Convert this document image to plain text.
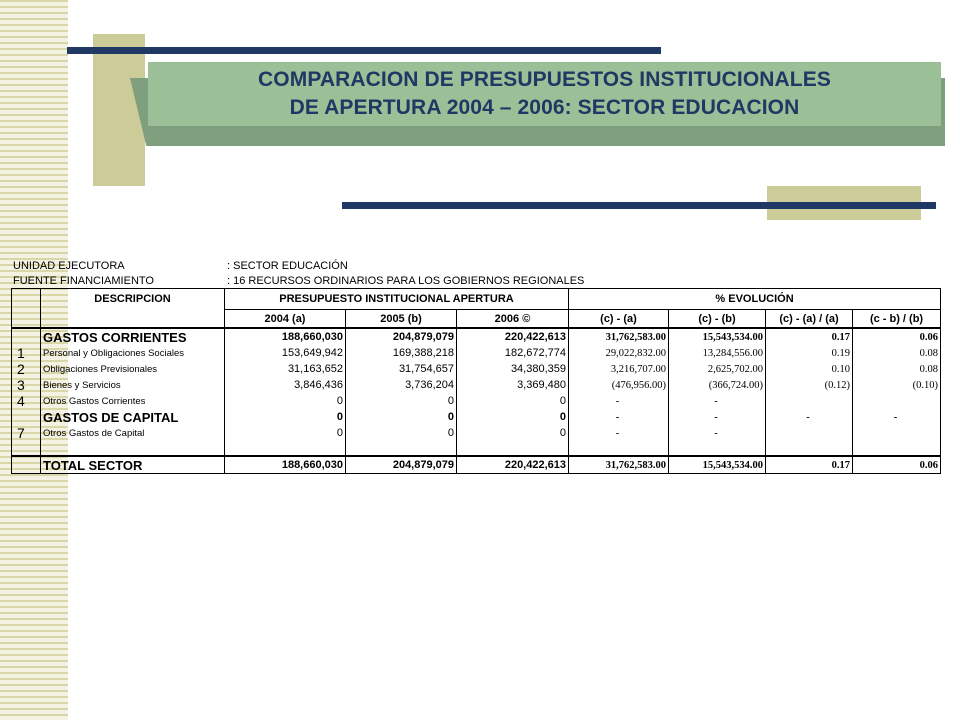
COMPARACION DE PRESUPUESTOS INSTITUCIONALES
DE APERTURA 2004 – 2006: SECTOR EDUCACION
UNIDAD EJECUTORA	: SECTOR EDUCACIÓN
FUENTE FINANCIAMIENTO	: 16 RECURSOS ORDINARIOS PARA LOS GOBIERNOS REGIONALES
	DESCRIPCION	PRESUPUESTO INSTITUCIONAL APERTURA			% EVOLUCIÓN			
		2004 (a)	2005 (b)	2006 ©				
					(c) - (a)	(c) - (b)	(c) - (a) / (a)	(c - b) / (b)
	GASTOS CORRIENTES	188,660,030	204,879,079	220,422,613	31,762,583.00	15,543,534.00	0.17	0.06
1	Personal y Obligaciones Sociales	153,649,942	169,388,218	182,672,774	29,022,832.00	13,284,556.00	0.19	0.08
2	Obligaciones Previsionales	31,163,652	31,754,657	34,380,359	3,216,707.00	2,625,702.00	0.10	0.08
3	Bienes y Servicios	3,846,436	3,736,204	3,369,480	(476,956.00)	(366,724.00)	(0.12)	(0.10)
4	Otros Gastos Corrientes	0	0	0	-	-		
	GASTOS DE CAPITAL	0	0	0	-	-	-	-
7	Otros Gastos de Capital	0	0	0	-	-		

	TOTAL SECTOR	188,660,030	204,879,079	220,422,613	31,762,583.00	15,543,534.00	0.17	0.06
